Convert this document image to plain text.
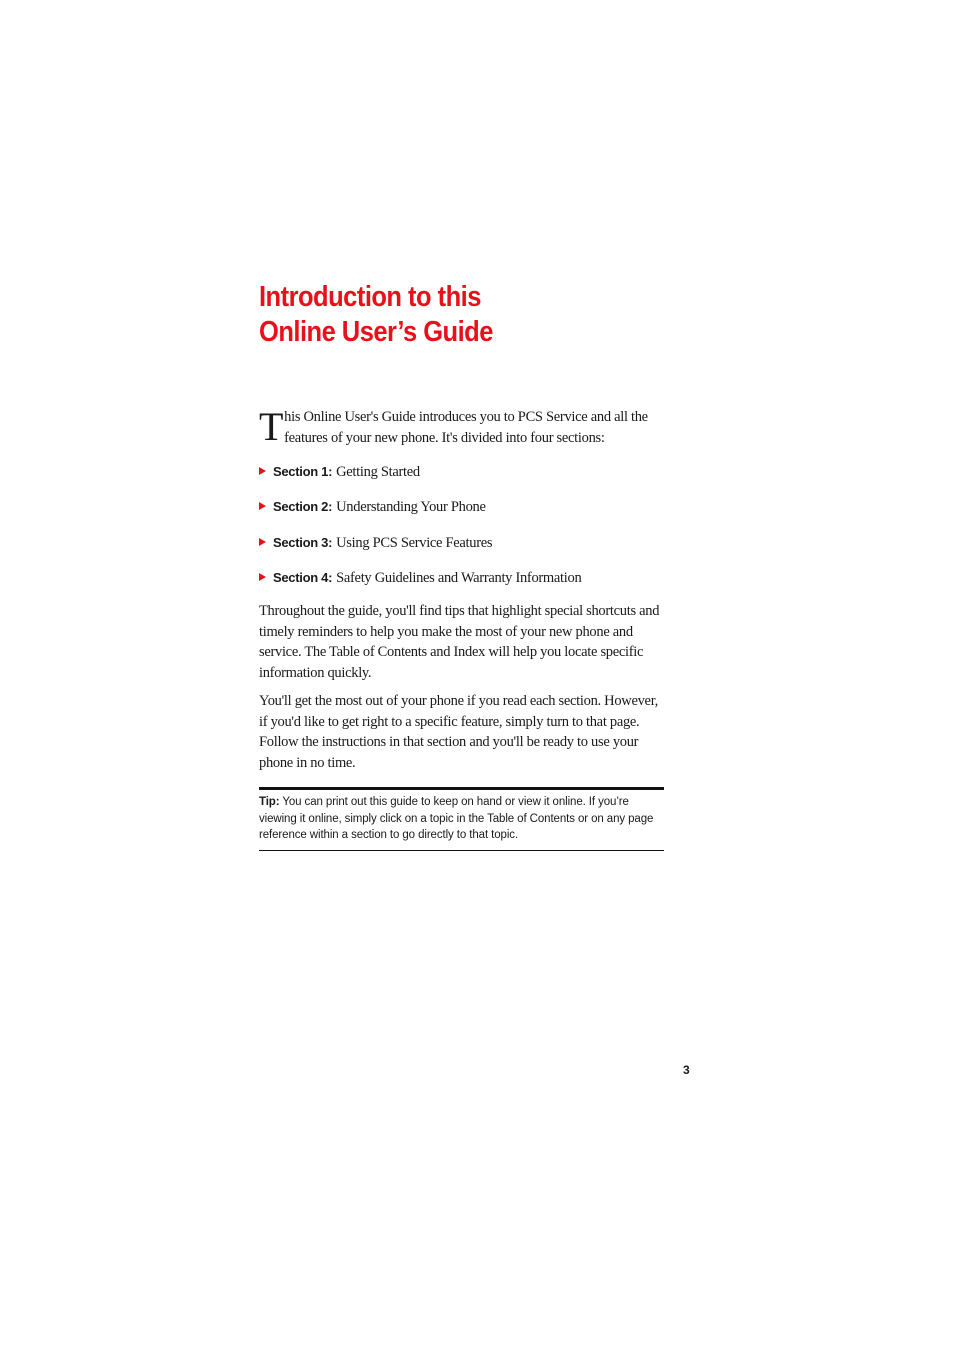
Introduction to this
Online User’s Guide
This Online User's Guide introduces you to PCS Service and all the features of your new phone. It's divided into four sections:
Section 1: Getting Started
Section 2: Understanding Your Phone
Section 3: Using PCS Service Features
Section 4: Safety Guidelines and Warranty Information

Throughout the guide, you'll find tips that highlight special shortcuts and timely reminders to help you make the most of your new phone and service. The Table of Contents and Index will help you locate specific information quickly.

You'll get the most out of your phone if you read each section. However, if you'd like to get right to a specific feature, simply turn to that page. Follow the instructions in that section and you'll be ready to use your phone in no time.

Tip: You can print out this guide to keep on hand or view it online. If you’re viewing it online, simply click on a topic in the Table of Contents or on any page reference within a section to go directly to that topic.

3
